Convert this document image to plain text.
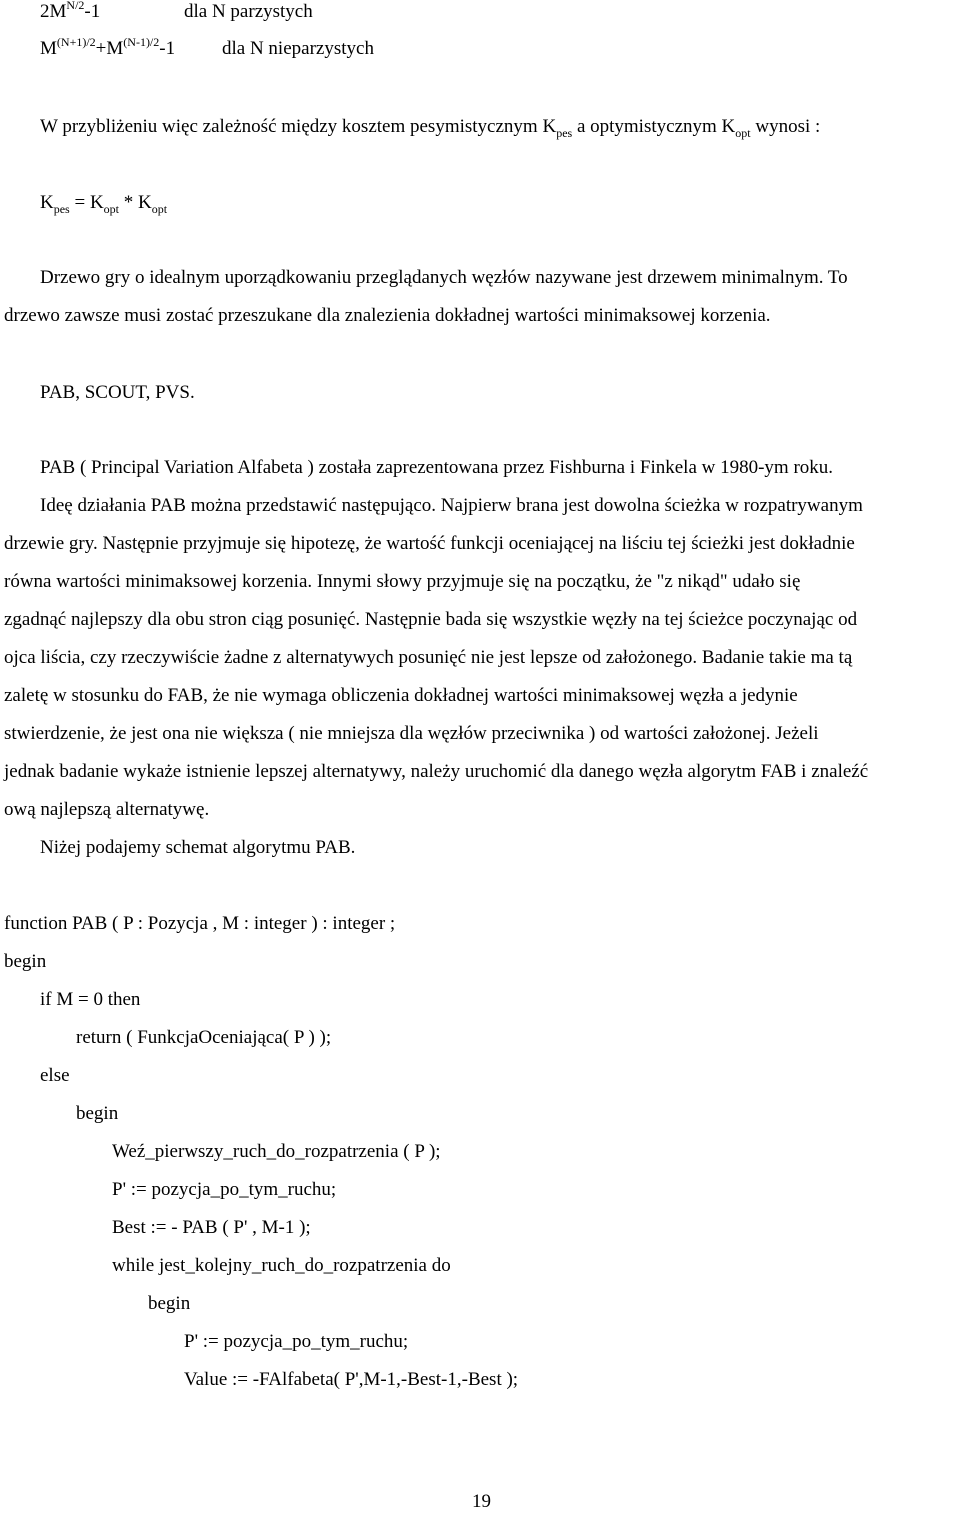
$2M^{N/2}-1$	dla N parzystych
$M^{(N+1)/2}+M^{(N-1)/2}-1$ dla N nieparzystych
W przybliżeniu więc zależność między kosztem pesymistycznym $K_{pes}$ a optymistycznym $K_{opt}$ wynosi :
$K_{pes} = K_{opt} * K_{opt}$
Drzewo gry o idealnym uporządkowaniu przeglądanych węzłów nazywane jest drzewem minimalnym. To
drzewo zawsze musi zostać przeszukane dla znalezienia dokładnej wartości minimaksowej korzenia.
PAB, SCOUT, PVS.
PAB ( Principal Variation Alfabeta ) została zaprezentowana przez Fishburna i Finkela w 1980-ym roku.
Ideę działania PAB można przedstawić następująco. Najpierw brana jest dowolna ścieżka w rozpatrywanym
drzewie gry. Następnie przyjmuje się hipotezę, że wartość funkcji oceniającej na liściu tej ścieżki jest dokładnie
równa wartości minimaksowej korzenia. Innymi słowy przyjmuje się na początku, że "z nikąd" udało się
zgadnąć najlepszy dla obu stron ciąg posunięć. Następnie bada się wszystkie węzły na tej ścieżce poczynając od
ojca liścia, czy rzeczywiście żadne z alternatywych posunięć nie jest lepsze od założonego. Badanie takie ma tą
zaletę w stosunku do FAB, że nie wymaga obliczenia dokładnej wartości minimaksowej węzła a jedynie
stwierdzenie, że jest ona nie większa ( nie mniejsza dla węzłów przeciwnika ) od wartości założonej. Jeżeli
jednak badanie wykaże istnienie lepszej alternatywy, należy uruchomić dla danego węzła algorytm FAB i znaleźć
ową najlepszą alternatywę.
Niżej podajemy schemat algorytmu PAB.
function PAB ( P : Pozycja , M : integer ) : integer ;
begin
if M = 0 then
return ( FunkcjaOceniająca( P ) );
else
begin
Weź_pierwszy_ruch_do_rozpatrzenia ( P );
P' := pozycja_po_tym_ruchu;
Best := - PAB ( P' , M-1 );
while jest_kolejny_ruch_do_rozpatrzenia do
begin
P' := pozycja_po_tym_ruchu;
Value := -FAlfabeta( P',M-1,-Best-1,-Best );
19
